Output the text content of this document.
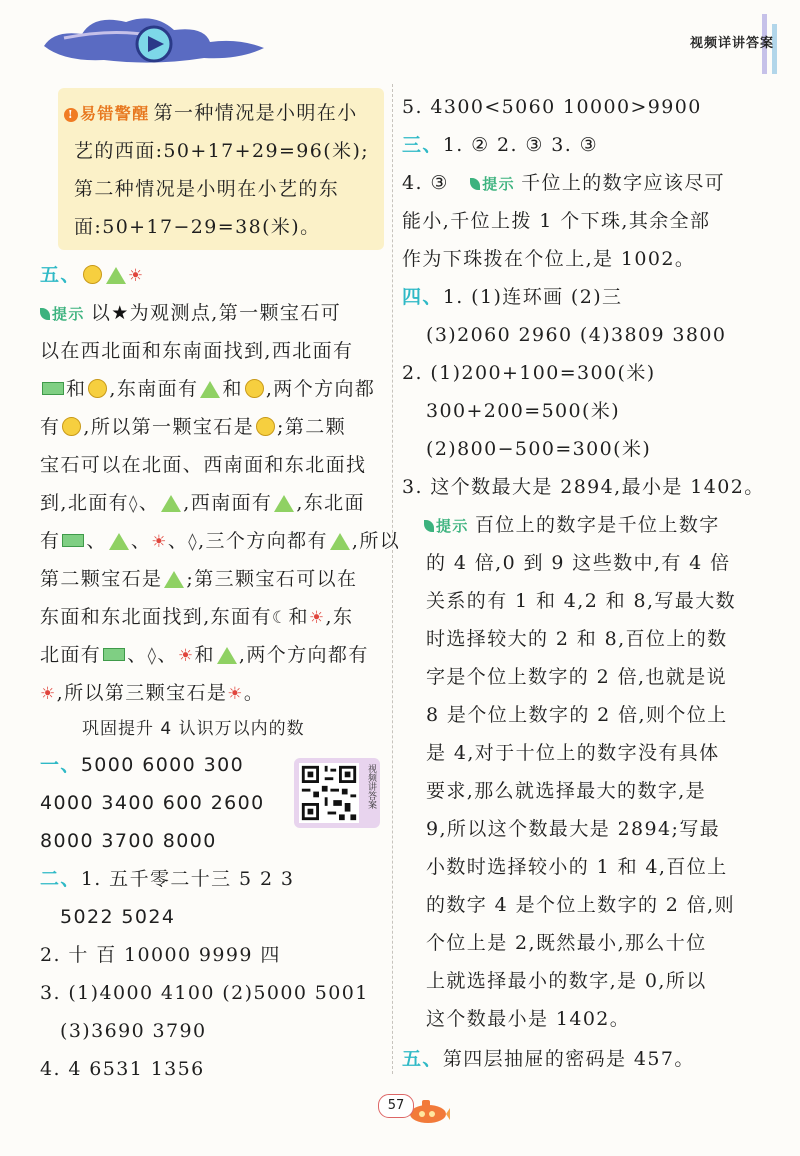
视频详讲答案
! 易错警醒 第一种情况是小明在小
艺的西面:50+17+29=96(米);
第二种情况是小明在小艺的东
面:50+17−29=38(米)。
五、	☀
提示 以★为观测点,第一颗宝石可
以在西北面和东南面找到,西北面有
和 ,东南面有 和 ,两个方向都
有 ,所以第一颗宝石是 ;第二颗
宝石可以在北面、西南面和东北面找
到,北面有◊、 ,西南面有 ,东北面
有 、 、☀、◊,三个方向都有 ,所以
第二颗宝石是 ;第三颗宝石可以在
东面和东北面找到,东面有☾和☀,东
北面有 、◊、☀和 ,两个方向都有
☀,所以第三颗宝石是☀。
巩固提升 4 认识万以内的数
一、5000 6000 300
4000 3400 600 2600
8000 3700 8000
视频讲答案
二、1. 五千零二十三 5 2 3
5022 5024
2. 十 百 10000 9999 四
3. (1)4000 4100 (2)5000 5001
(3)3690 3790
4. 4 6531 1356
5. 4300<5060 10000>9900
三、1. ② 2. ③ 3. ③
4. ③ 提示 千位上的数字应该尽可
能小,千位上拨 1 个下珠,其余全部
作为下珠拨在个位上,是 1002。
四、1. (1)连环画 (2)三
(3)2060 2960 (4)3809 3800
2. (1)200+100=300(米)
300+200=500(米)
(2)800−500=300(米)
3. 这个数最大是 2894,最小是 1402。
提示 百位上的数字是千位上数字
的 4 倍,0 到 9 这些数中,有 4 倍
关系的有 1 和 4,2 和 8,写最大数
时选择较大的 2 和 8,百位上的数
字是个位上数字的 2 倍,也就是说
8 是个位上数字的 2 倍,则个位上
是 4,对于十位上的数字没有具体
要求,那么就选择最大的数字,是
9,所以这个数最大是 2894;写最
小数时选择较小的 1 和 4,百位上
的数字 4 是个位上数字的 2 倍,则
个位上是 2,既然最小,那么十位
上就选择最小的数字,是 0,所以
这个数最小是 1402。
五、第四层抽屉的密码是 457。
57
